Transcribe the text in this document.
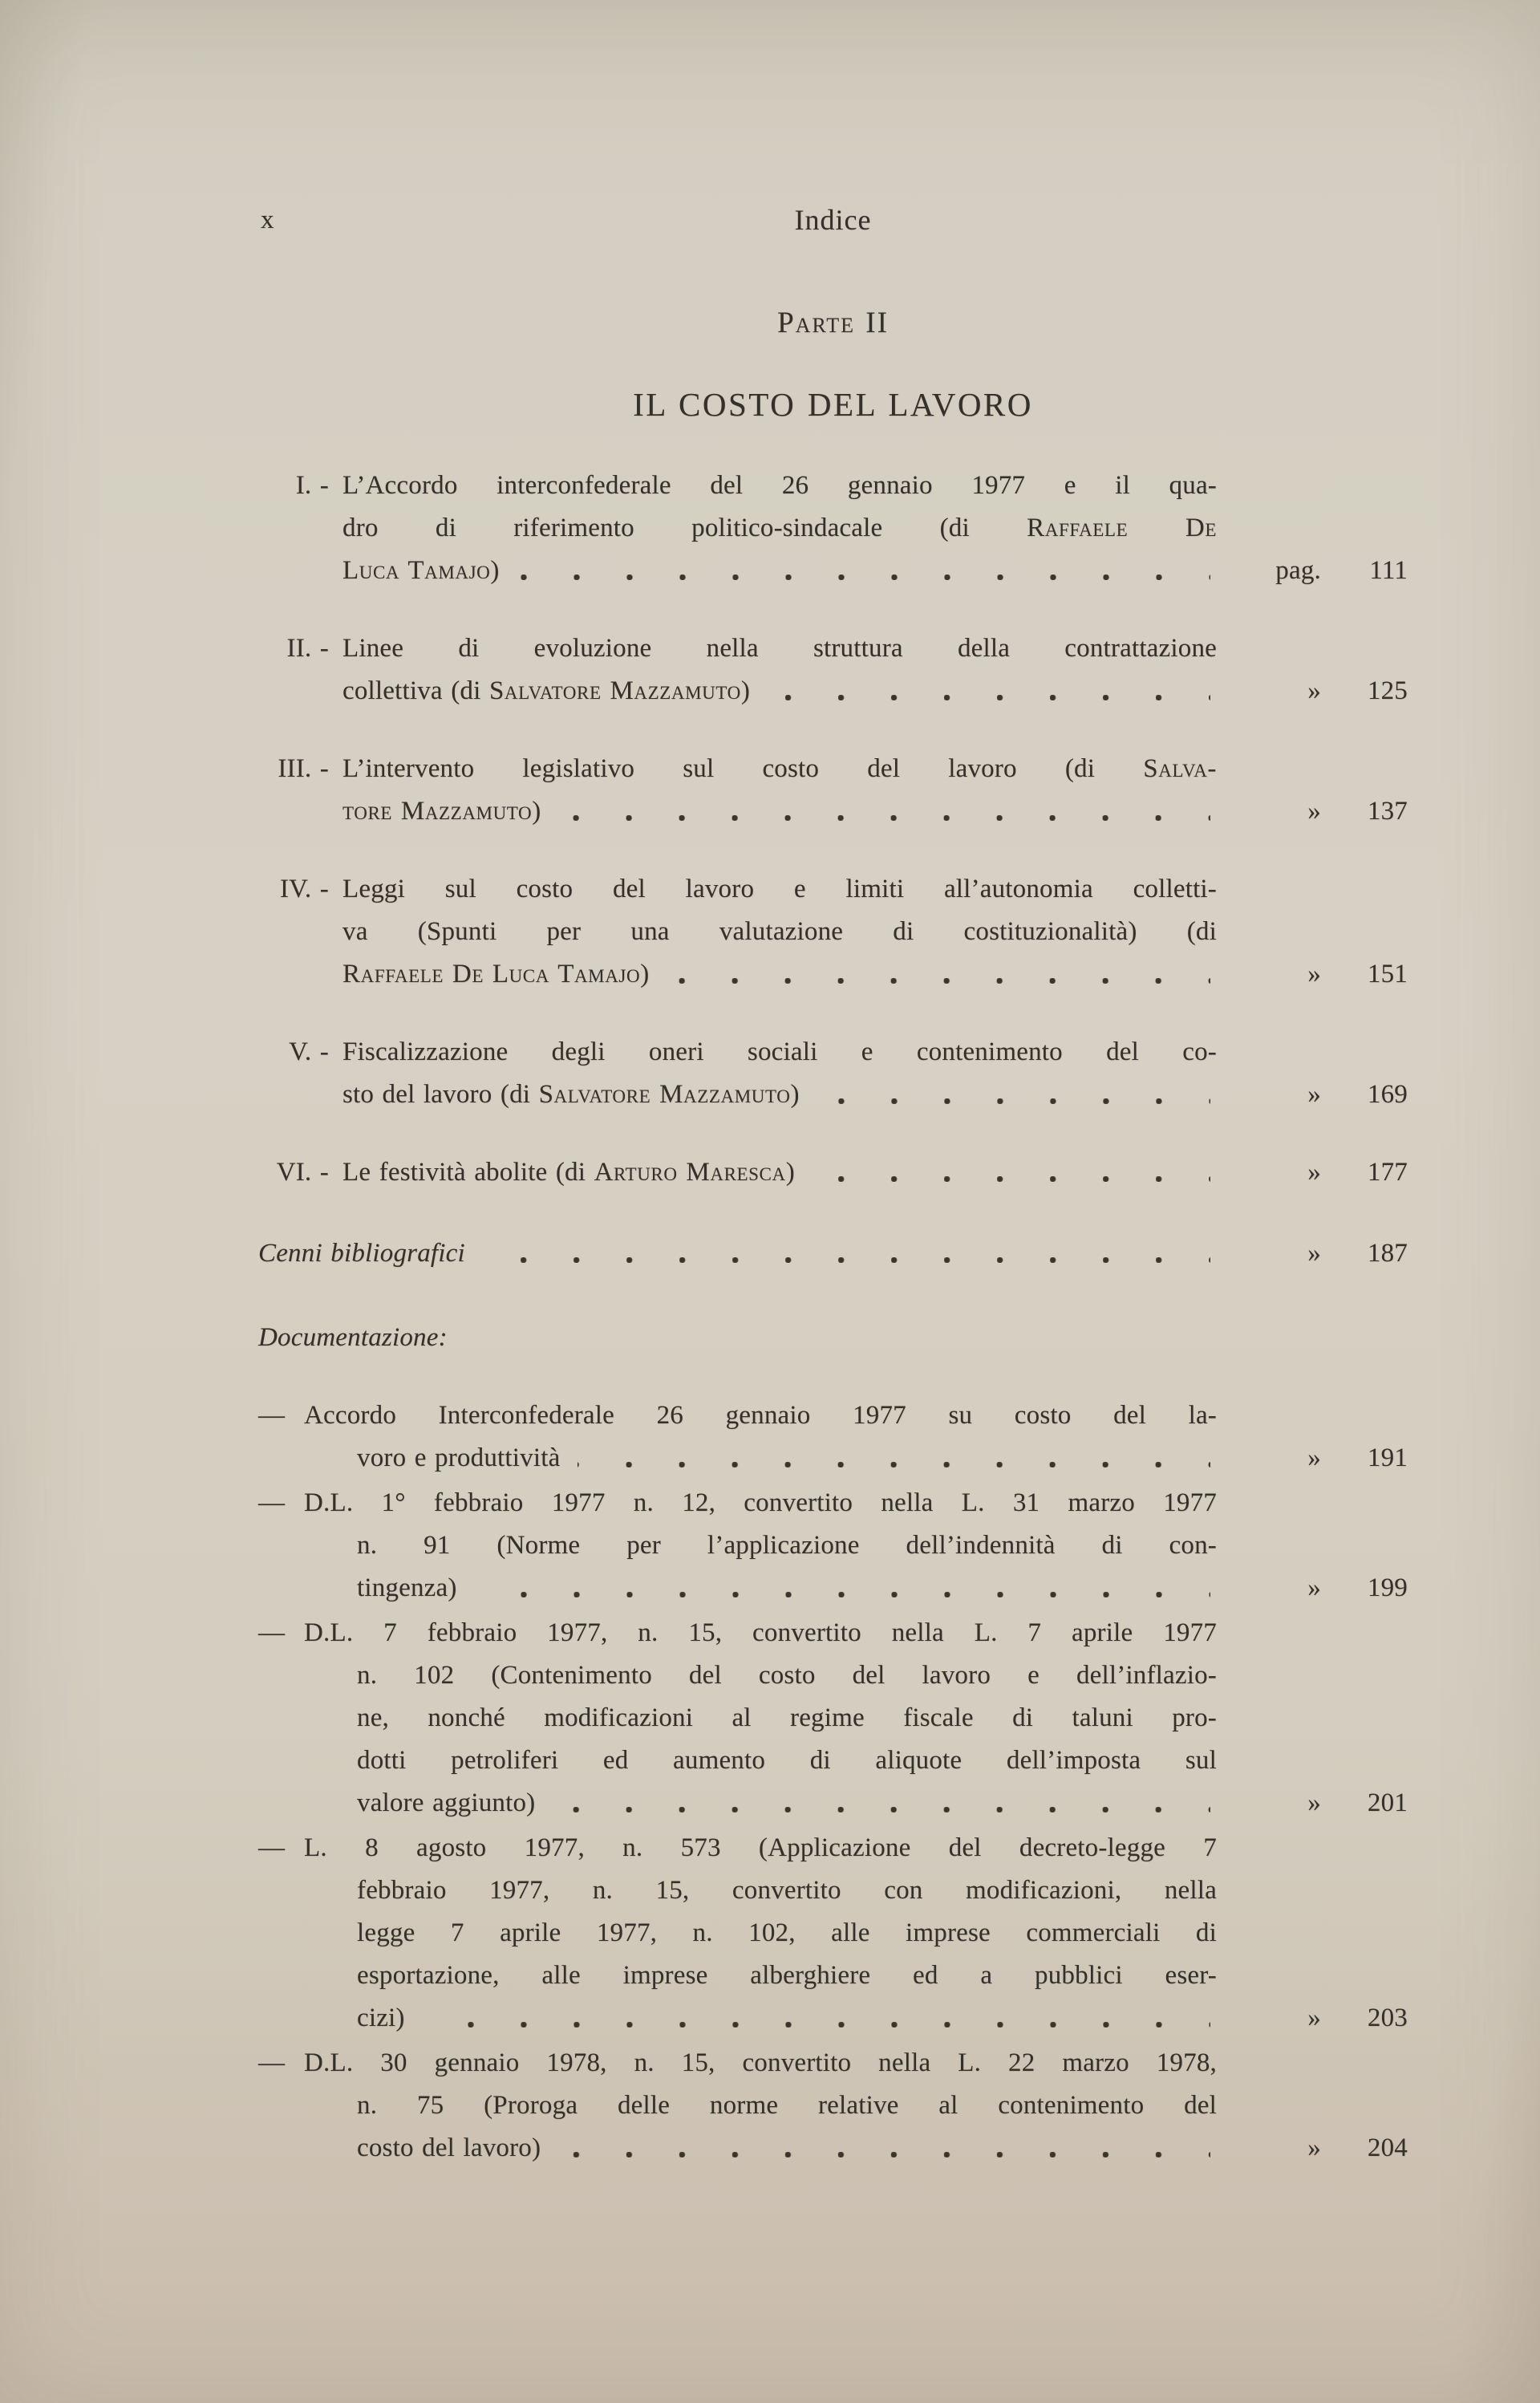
x	Indice
Parte II
IL COSTO DEL LAVORO
I. - L’Accordo interconfederale del 26 gennaio 1977 e il qua-
dro di riferimento politico-sindacale (di Raffaele De
Luca Tamajo)	pag.	111
II. - Linee di evoluzione nella struttura della contrattazione
collettiva (di Salvatore Mazzamuto)	»	125
III. - L’intervento legislativo sul costo del lavoro (di Salva-
tore Mazzamuto)	»	137
IV. - Leggi sul costo del lavoro e limiti all’autonomia colletti-
va (Spunti per una valutazione di costituzionalità) (di
Raffaele De Luca Tamajo)	»	151
V. - Fiscalizzazione degli oneri sociali e contenimento del co-
sto del lavoro (di Salvatore Mazzamuto)	»	169
VI. - Le festività abolite (di Arturo Maresca)	»	177
Cenni bibliografici	»	187
Documentazione:
— Accordo Interconfederale 26 gennaio 1977 su costo del la-
voro e produttività	»	191
— D.L. 1° febbraio 1977 n. 12, convertito nella L. 31 marzo 1977
n. 91 (Norme per l’applicazione dell’indennità di con-
tingenza)	»	199
— D.L. 7 febbraio 1977, n. 15, convertito nella L. 7 aprile 1977
n. 102 (Contenimento del costo del lavoro e dell’inflazio-
ne, nonché modificazioni al regime fiscale di taluni pro-
dotti petroliferi ed aumento di aliquote dell’imposta sul
valore aggiunto)	»	201
— L. 8 agosto 1977, n. 573 (Applicazione del decreto-legge 7
febbraio 1977, n. 15, convertito con modificazioni, nella
legge 7 aprile 1977, n. 102, alle imprese commerciali di
esportazione, alle imprese alberghiere ed a pubblici eser-
cizi)	»	203
— D.L. 30 gennaio 1978, n. 15, convertito nella L. 22 marzo 1978,
n. 75 (Proroga delle norme relative al contenimento del
costo del lavoro)	»	204
